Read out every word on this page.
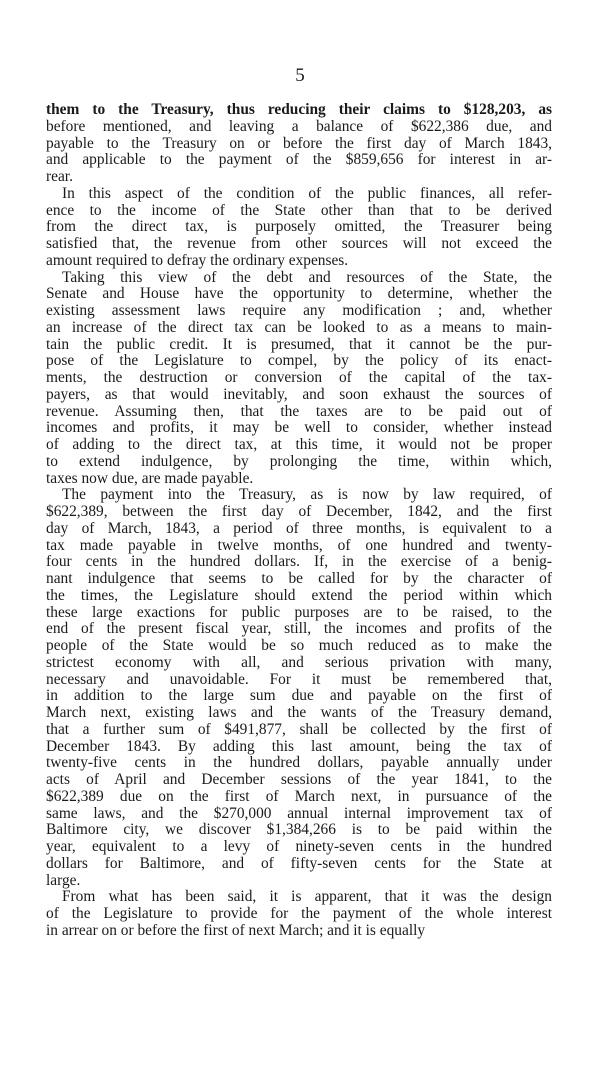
5
them to the Treasury, thus reducing their claims to $128,203, as
before mentioned, and leaving a balance of $622,386 due, and
payable to the Treasury on or before the first day of March 1843,
and applicable to the payment of the $859,656 for interest in ar-
rear.
In this aspect of the condition of the public finances, all refer-
ence to the income of the State other than that to be derived
from the direct tax, is purposely omitted, the Treasurer being
satisfied that, the revenue from other sources will not exceed the
amount required to defray the ordinary expenses.
Taking this view of the debt and resources of the State, the
Senate and House have the opportunity to determine, whether the
existing assessment laws require any modification ; and, whether
an increase of the direct tax can be looked to as a means to main-
tain the public credit. It is presumed, that it cannot be the pur-
pose of the Legislature to compel, by the policy of its enact-
ments, the destruction or conversion of the capital of the tax-
payers, as that would inevitably, and soon exhaust the sources of
revenue. Assuming then, that the taxes are to be paid out of
incomes and profits, it may be well to consider, whether instead
of adding to the direct tax, at this time, it would not be proper
to extend indulgence, by prolonging the time, within which,
taxes now due, are made payable.
The payment into the Treasury, as is now by law required, of
$622,389, between the first day of December, 1842, and the first
day of March, 1843, a period of three months, is equivalent to a
tax made payable in twelve months, of one hundred and twenty-
four cents in the hundred dollars. If, in the exercise of a benig-
nant indulgence that seems to be called for by the character of
the times, the Legislature should extend the period within which
these large exactions for public purposes are to be raised, to the
end of the present fiscal year, still, the incomes and profits of the
people of the State would be so much reduced as to make the
strictest economy with all, and serious privation with many,
necessary and unavoidable. For it must be remembered that,
in addition to the large sum due and payable on the first of
March next, existing laws and the wants of the Treasury demand,
that a further sum of $491,877, shall be collected by the first of
December 1843. By adding this last amount, being the tax of
twenty-five cents in the hundred dollars, payable annually under
acts of April and December sessions of the year 1841, to the
$622,389 due on the first of March next, in pursuance of the
same laws, and the $270,000 annual internal improvement tax of
Baltimore city, we discover $1,384,266 is to be paid within the
year, equivalent to a levy of ninety-seven cents in the hundred
dollars for Baltimore, and of fifty-seven cents for the State at
large.
From what has been said, it is apparent, that it was the design
of the Legislature to provide for the payment of the whole interest
in arrear on or before the first of next March; and it is equally
